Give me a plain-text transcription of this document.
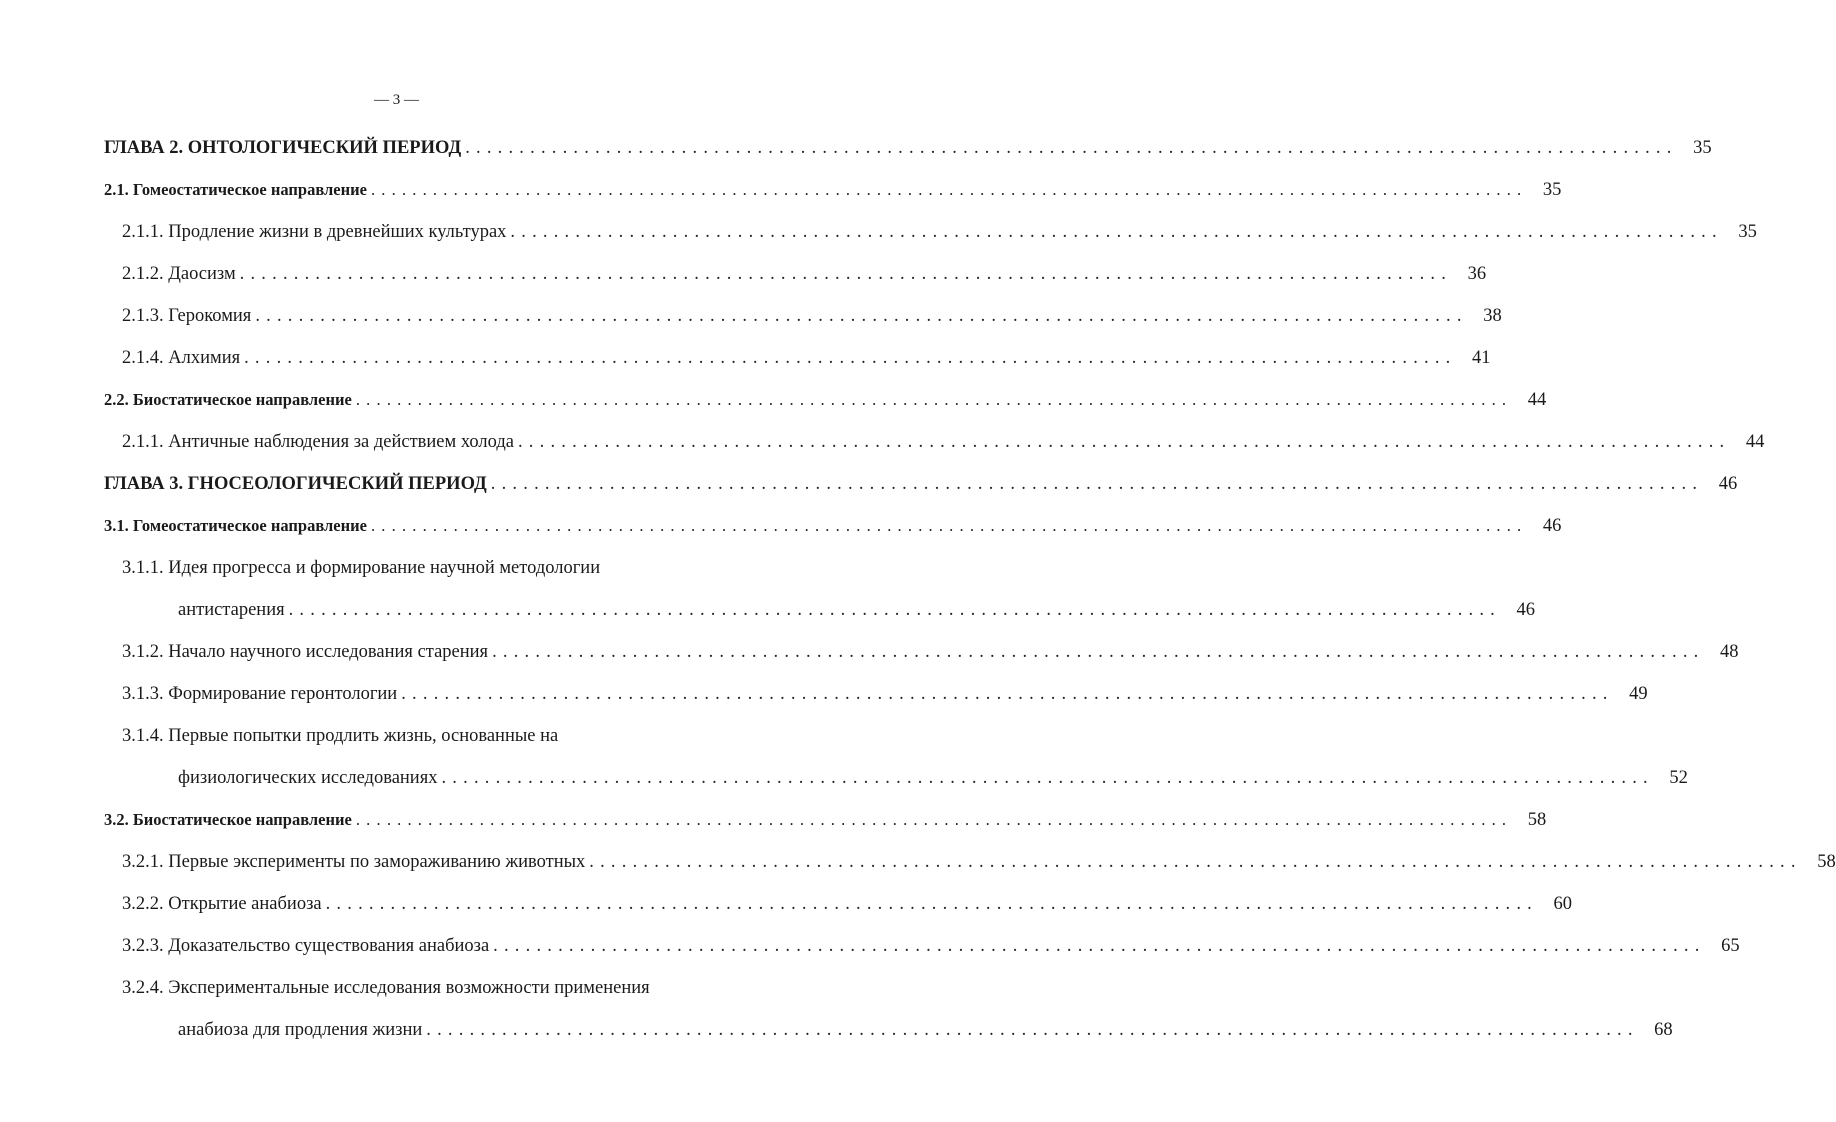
— 3 —
ГЛАВА 2. ОНТОЛОГИЧЕСКИЙ ПЕРИОД ................................................................................................................ 35
2.1. Гомеостатическое направление ................................................................................................................ 35
2.1.1. Продление жизни в древнейших культурах ................................................................................................................ 35
2.1.2. Даосизм ................................................................................................................ 36
2.1.3. Герокомия ................................................................................................................ 38
2.1.4. Алхимия ................................................................................................................ 41
2.2. Биостатическое направление ................................................................................................................ 44
2.1.1. Античные наблюдения за действием холода ................................................................................................................ 44
ГЛАВА 3. ГНОСЕОЛОГИЧЕСКИЙ ПЕРИОД ................................................................................................................ 46
3.1. Гомеостатическое направление ................................................................................................................ 46
3.1.1. Идея прогресса и формирование научной методологии
антистарения ................................................................................................................ 46
3.1.2. Начало научного исследования старения ................................................................................................................ 48
3.1.3. Формирование геронтологии ................................................................................................................ 49
3.1.4. Первые попытки продлить жизнь, основанные на
физиологических исследованиях ................................................................................................................ 52
3.2. Биостатическое направление ................................................................................................................ 58
3.2.1. Первые эксперименты по замораживанию животных ................................................................................................................ 58
3.2.2. Открытие анабиоза ................................................................................................................ 60
3.2.3. Доказательство существования анабиоза ................................................................................................................ 65
3.2.4. Экспериментальные исследования возможности применения
анабиоза для продления жизни ................................................................................................................ 68
